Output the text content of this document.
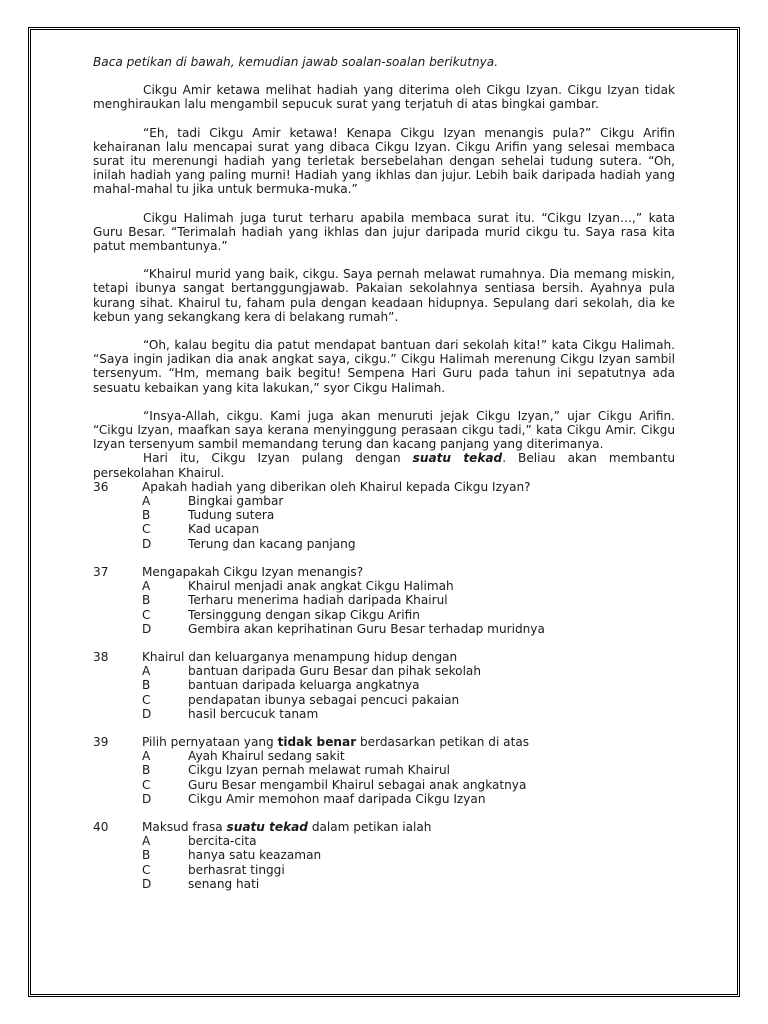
Baca petikan di bawah, kemudian jawab soalan-soalan berikutnya.

Cikgu Amir ketawa melihat hadiah yang diterima oleh Cikgu Izyan. Cikgu Izyan tidak menghiraukan lalu mengambil sepucuk surat yang terjatuh di atas bingkai gambar.

“Eh, tadi Cikgu Amir ketawa! Kenapa Cikgu Izyan menangis pula?” Cikgu Arifin kehairanan lalu mencapai surat yang dibaca Cikgu Izyan. Cikgu Arifin yang selesai membaca surat itu merenungi hadiah yang terletak bersebelahan dengan sehelai tudung sutera. “Oh, inilah hadiah yang paling murni! Hadiah yang ikhlas dan jujur. Lebih baik daripada hadiah yang mahal-mahal tu jika untuk bermuka-muka.”

Cikgu Halimah juga turut terharu apabila membaca surat itu. “Cikgu Izyan…,” kata Guru Besar. “Terimalah hadiah yang ikhlas dan jujur daripada murid cikgu tu. Saya rasa kita patut membantunya.”

“Khairul murid yang baik, cikgu. Saya pernah melawat rumahnya. Dia memang miskin, tetapi ibunya sangat bertanggungjawab. Pakaian sekolahnya sentiasa bersih. Ayahnya pula kurang sihat. Khairul tu, faham pula dengan keadaan hidupnya. Sepulang dari sekolah, dia ke kebun yang sekangkang kera di belakang rumah”.

“Oh, kalau begitu dia patut mendapat bantuan dari sekolah kita!” kata Cikgu Halimah. “Saya ingin jadikan dia anak angkat saya, cikgu.” Cikgu Halimah merenung Cikgu Izyan sambil tersenyum. “Hm, memang baik begitu! Sempena Hari Guru pada tahun ini sepatutnya ada sesuatu kebaikan yang kita lakukan,” syor Cikgu Halimah.

“Insya-Allah, cikgu. Kami juga akan menuruti jejak Cikgu Izyan,” ujar Cikgu Arifin. “Cikgu Izyan, maafkan saya kerana menyinggung perasaan cikgu tadi,” kata Cikgu Amir. Cikgu Izyan tersenyum sambil memandang terung dan kacang panjang yang diterimanya.

Hari itu, Cikgu Izyan pulang dengan suatu tekad. Beliau akan membantu persekolahan Khairul.

36	Apakah hadiah yang diberikan oleh Khairul kepada Cikgu Izyan?
A	Bingkai gambar
B	Tudung sutera
C	Kad ucapan
D	Terung dan kacang panjang
37	Mengapakah Cikgu Izyan menangis?
A	Khairul menjadi anak angkat Cikgu Halimah
B	Terharu menerima hadiah daripada Khairul
C	Tersinggung dengan sikap Cikgu Arifin
D	Gembira akan keprihatinan Guru Besar terhadap muridnya
38	Khairul dan keluarganya menampung hidup dengan
A	bantuan daripada Guru Besar dan pihak sekolah
B	bantuan daripada keluarga angkatnya
C	pendapatan ibunya sebagai pencuci pakaian
D	hasil bercucuk tanam
39	Pilih pernyataan yang tidak benar berdasarkan petikan di atas
A	Ayah Khairul sedang sakit
B	Cikgu Izyan pernah melawat rumah Khairul
C	Guru Besar mengambil Khairul sebagai anak angkatnya
D	Cikgu Amir memohon maaf daripada Cikgu Izyan
40	Maksud frasa suatu tekad dalam petikan ialah
A	bercita-cita
B	hanya satu keazaman
C	berhasrat tinggi
D	senang hati
